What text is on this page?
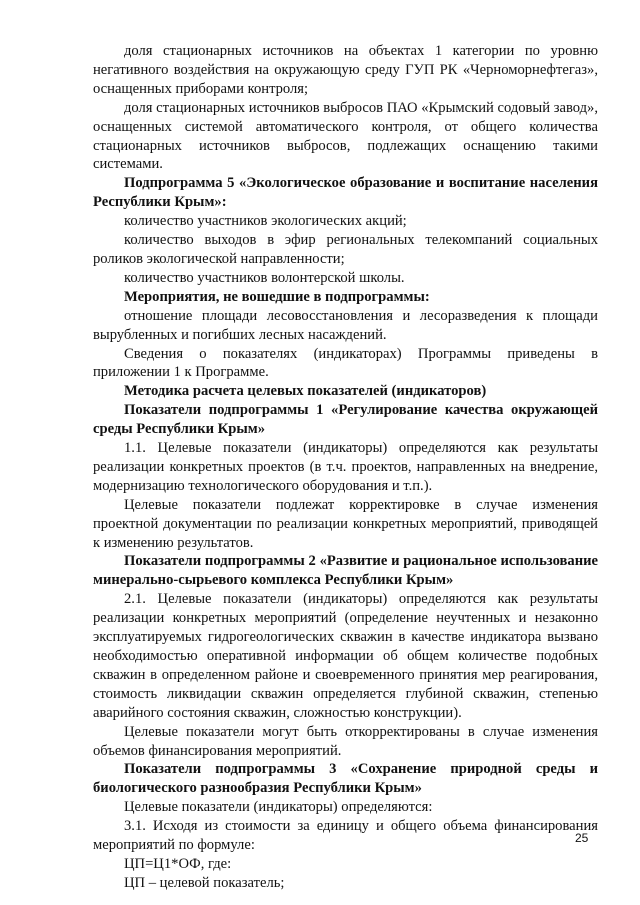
доля стационарных источников на объектах 1 категории по уровню негативного воздействия на окружающую среду ГУП РК «Черноморнефтегаз», оснащенных приборами контроля;

доля стационарных источников выбросов ПАО «Крымский содовый завод», оснащенных системой автоматического контроля, от общего количества стационарных источников выбросов, подлежащих оснащению такими системами.

Подпрограмма 5 «Экологическое образование и воспитание населения Республики Крым»:

количество участников экологических акций;

количество выходов в эфир региональных телекомпаний социальных роликов экологической направленности;

количество участников волонтерской школы.

Мероприятия, не вошедшие в подпрограммы:

отношение площади лесовосстановления и лесоразведения к площади вырубленных и погибших лесных насаждений.

Сведения о показателях (индикаторах) Программы приведены в приложении 1 к Программе.

Методика расчета целевых показателей (индикаторов)

Показатели подпрограммы 1 «Регулирование качества окружающей среды Республики Крым»

1.1. Целевые показатели (индикаторы) определяются как результаты реализации конкретных проектов (в т.ч. проектов, направленных на внедрение, модернизацию технологического оборудования и т.п.).

Целевые показатели подлежат корректировке в случае изменения проектной документации по реализации конкретных мероприятий, приводящей к изменению результатов.

Показатели подпрограммы 2 «Развитие и рациональное использование минерально-сырьевого комплекса Республики Крым»

2.1. Целевые показатели (индикаторы) определяются как результаты реализации конкретных мероприятий (определение неучтенных и незаконно эксплуатируемых гидрогеологических скважин в качестве индикатора вызвано необходимостью оперативной информации об общем количестве подобных скважин в определенном районе и своевременного принятия мер реагирования, стоимость ликвидации скважин определяется глубиной скважин, степенью аварийного состояния скважин, сложностью конструкции).

Целевые показатели могут быть откорректированы в случае изменения объемов финансирования мероприятий.

Показатели подпрограммы 3 «Сохранение природной среды и биологического разнообразия Республики Крым»

Целевые показатели (индикаторы) определяются:

3.1. Исходя из стоимости за единицу и общего объема финансирования мероприятий по формуле:

ЦП=Ц1*ОФ, где:

ЦП – целевой показатель;

25
